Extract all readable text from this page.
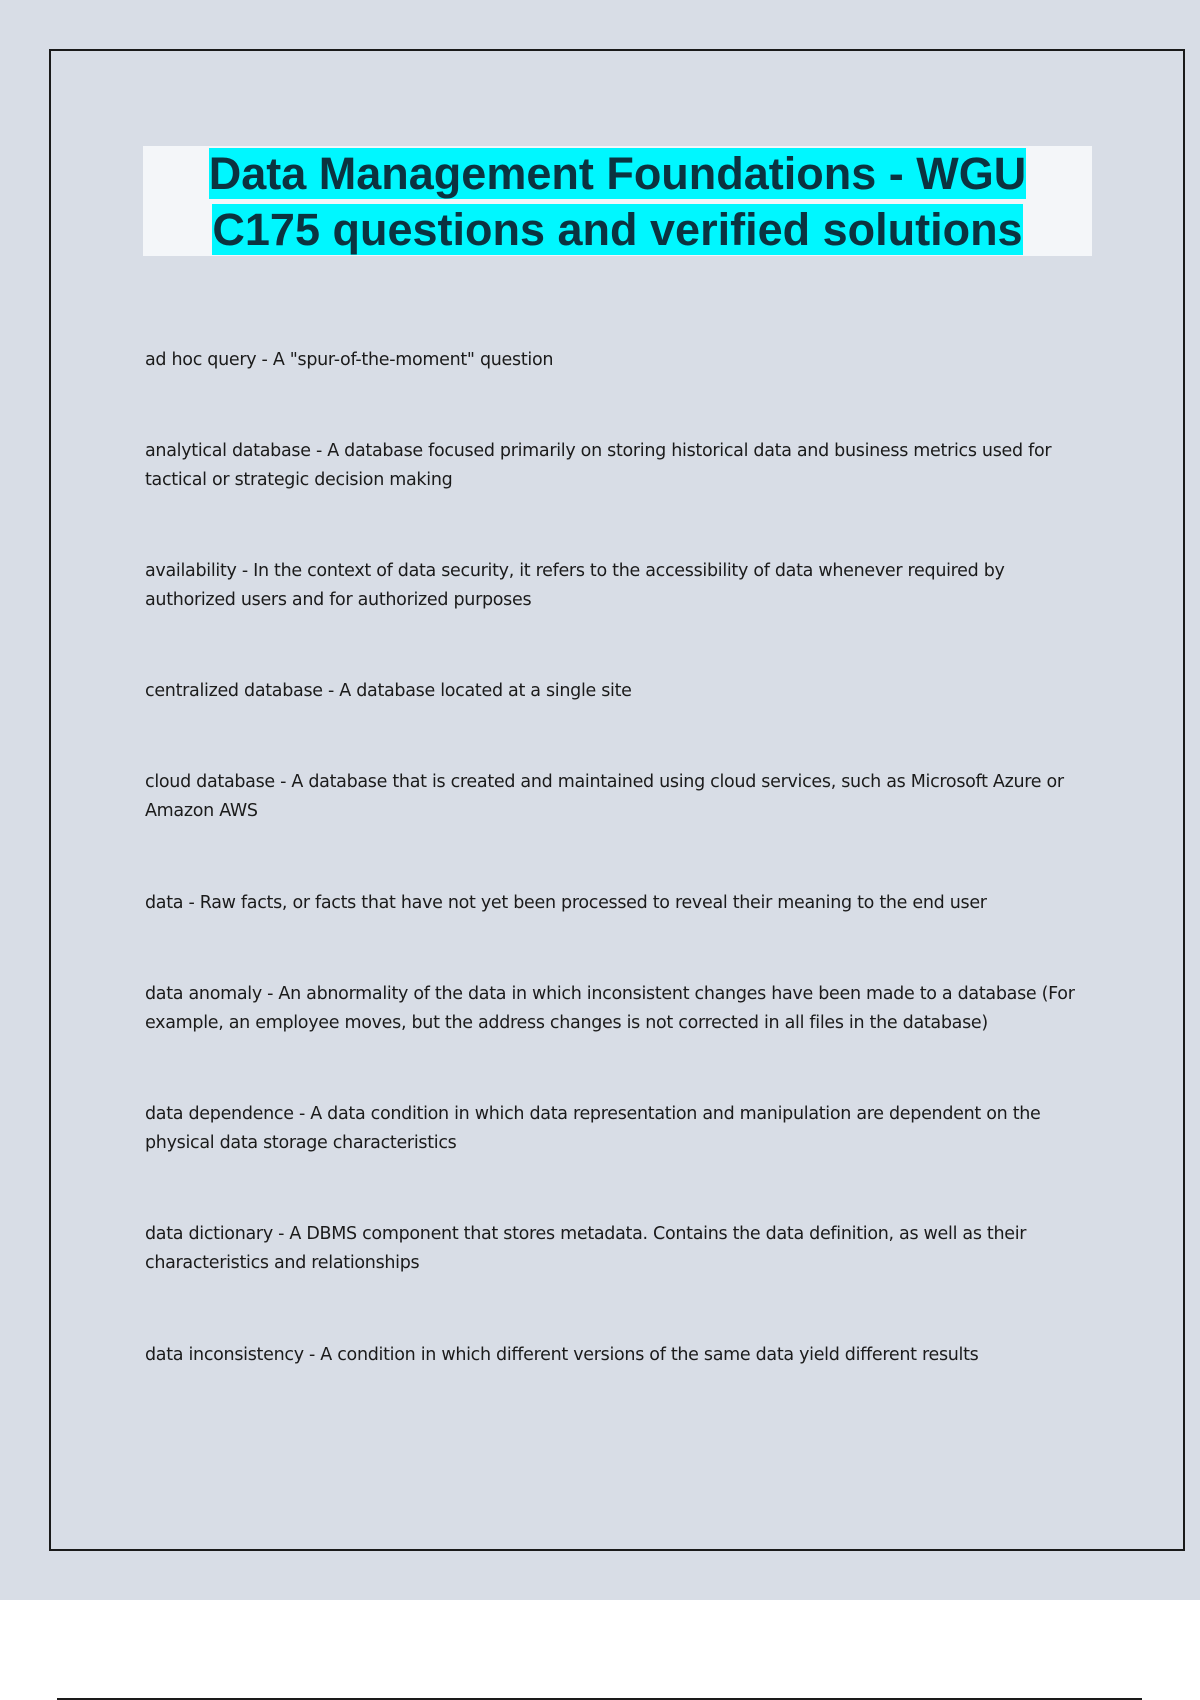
Data Management Foundations - WGU
C175 questions and verified solutions

ad hoc query - A "spur-of-the-moment" question

analytical database - A database focused primarily on storing historical data and business metrics used for tactical or strategic decision making

availability - In the context of data security, it refers to the accessibility of data whenever required by authorized users and for authorized purposes

centralized database - A database located at a single site

cloud database - A database that is created and maintained using cloud services, such as Microsoft Azure or Amazon AWS

data - Raw facts, or facts that have not yet been processed to reveal their meaning to the end user

data anomaly - An abnormality of the data in which inconsistent changes have been made to a database (For example, an employee moves, but the address changes is not corrected in all files in the database)

data dependence - A data condition in which data representation and manipulation are dependent on the physical data storage characteristics

data dictionary - A DBMS component that stores metadata. Contains the data definition, as well as their characteristics and relationships

data inconsistency - A condition in which different versions of the same data yield different results
